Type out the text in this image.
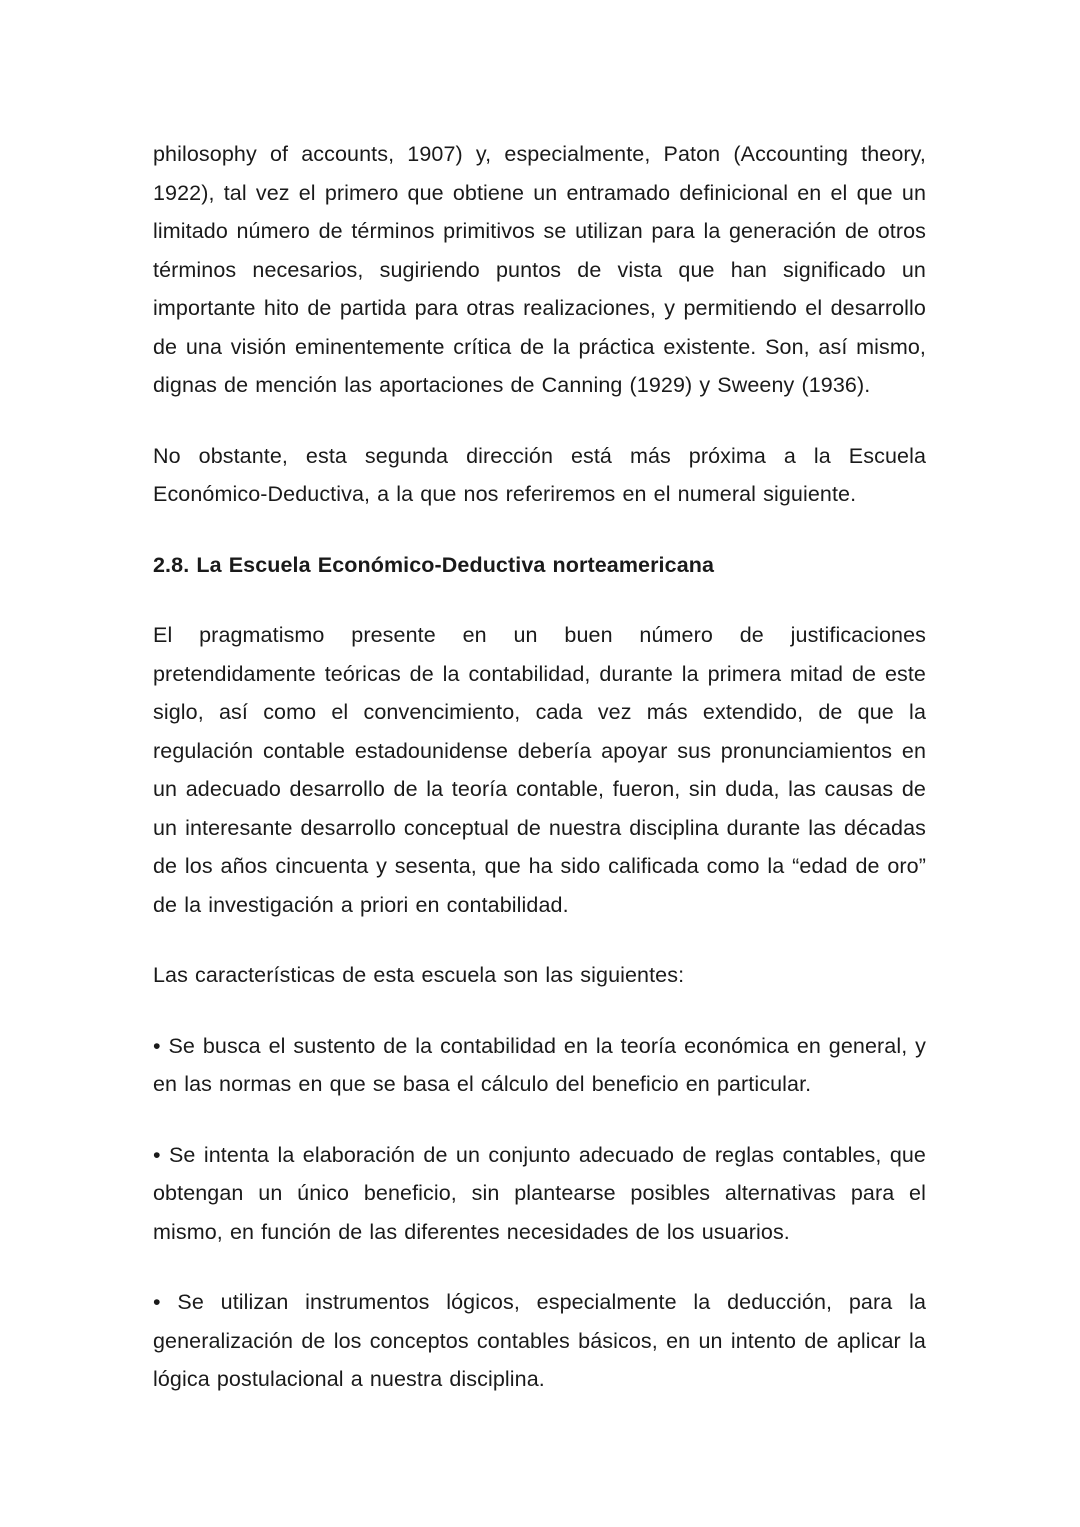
philosophy of accounts, 1907) y, especialmente, Paton (Accounting theory, 1922), tal vez el primero que obtiene un entramado definicional en el que un limitado número de términos primitivos se utilizan para la generación de otros términos necesarios, sugiriendo puntos de vista que han significado un importante hito de partida para otras realizaciones, y permitiendo el desarrollo de una visión eminentemente crítica de la práctica existente. Son, así mismo, dignas de mención las aportaciones de Canning (1929) y Sweeny (1936).

No obstante, esta segunda dirección está más próxima a la Escuela Económico-Deductiva, a la que nos referiremos en el numeral siguiente.

2.8. La Escuela Económico-Deductiva norteamericana

El pragmatismo presente en un buen número de justificaciones pretendidamente teóricas de la contabilidad, durante la primera mitad de este siglo, así como el convencimiento, cada vez más extendido, de que la regulación contable estadounidense debería apoyar sus pronunciamientos en un adecuado desarrollo de la teoría contable, fueron, sin duda, las causas de un interesante desarrollo conceptual de nuestra disciplina durante las décadas de los años cincuenta y sesenta, que ha sido calificada como la “edad de oro” de la investigación a priori en contabilidad.

Las características de esta escuela son las siguientes:

• Se busca el sustento de la contabilidad en la teoría económica en general, y en las normas en que se basa el cálculo del beneficio en particular.

• Se intenta la elaboración de un conjunto adecuado de reglas contables, que obtengan un único beneficio, sin plantearse posibles alternativas para el mismo, en función de las diferentes necesidades de los usuarios.

• Se utilizan instrumentos lógicos, especialmente la deducción, para la generalización de los conceptos contables básicos, en un intento de aplicar la lógica postulacional a nuestra disciplina.
